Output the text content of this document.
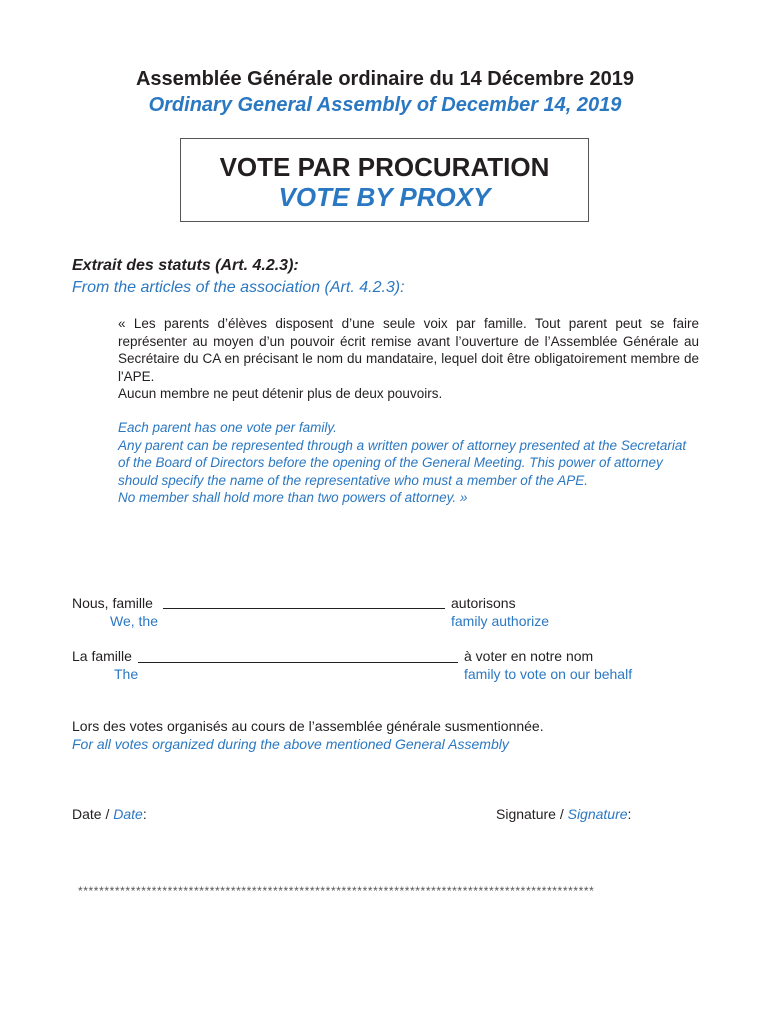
Assemblée Générale ordinaire du 14 Décembre 2019
Ordinary General Assembly of December 14, 2019
VOTE PAR PROCURATION
VOTE BY PROXY
Extrait des statuts (Art. 4.2.3):
From the articles of the association (Art. 4.2.3):

« Les parents d’élèves disposent d’une seule voix par famille. Tout parent peut se faire représenter au moyen d’un pouvoir écrit remise avant l’ouverture de l’Assemblée Générale au Secrétaire du CA en précisant le nom du mandataire, lequel doit être obligatoirement membre de l'APE.

Aucun membre ne peut détenir plus de deux pouvoirs.

Each parent has one vote per family.

Any parent can be represented through a written power of attorney presented at the Secretariat of the Board of Directors before the opening of the General Meeting. This power of attorney should specify the name of the representative who must a member of the APE.

No member shall hold more than two powers of attorney. »

Nous, famille	autorisons
We, the	family authorize
La famille	à voter en notre nom
The	family to vote on our behalf
Lors des votes organisés au cours de l’assemblée générale susmentionnée.
For all votes organized during the above mentioned General Assembly
Date / Date:	Signature / Signature:
**************************************************************************************************
